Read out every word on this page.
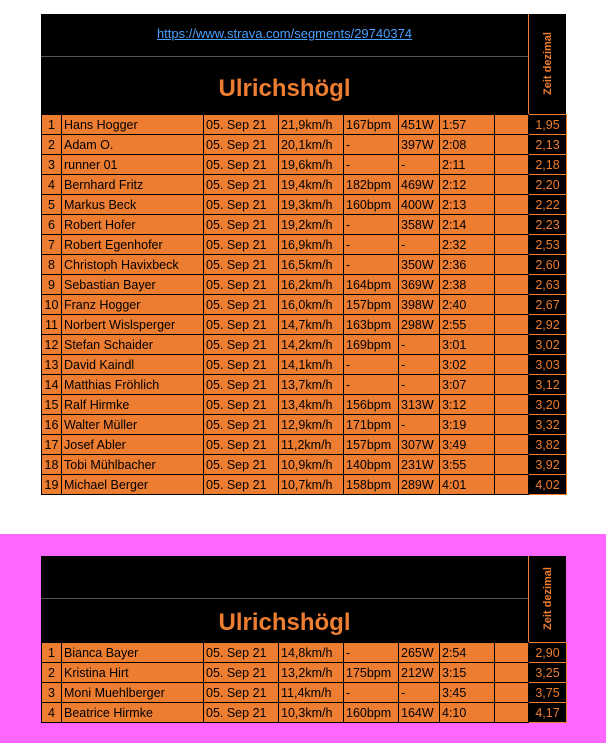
https://www.strava.com/segments/29740374
Ulrichshögl	Zeit dezimal
1	Hans Hogger	05. Sep 21	21,9km/h	167bpm	451W	1:57		1,95
2	Adam O.	05. Sep 21	20,1km/h	-	397W	2:08		2,13
3	runner 01	05. Sep 21	19,6km/h	-	-	2:11		2,18
4	Bernhard Fritz	05. Sep 21	19,4km/h	182bpm	469W	2:12		2,20
5	Markus Beck	05. Sep 21	19,3km/h	160bpm	400W	2:13		2,22
6	Robert Hofer	05. Sep 21	19,2km/h	-	358W	2:14		2,23
7	Robert Egenhofer	05. Sep 21	16,9km/h	-	-	2:32		2,53
8	Christoph Havixbeck	05. Sep 21	16,5km/h	-	350W	2:36		2,60
9	Sebastian Bayer	05. Sep 21	16,2km/h	164bpm	369W	2:38		2,63
10	Franz Hogger	05. Sep 21	16,0km/h	157bpm	398W	2:40		2,67
11	Norbert Wislsperger	05. Sep 21	14,7km/h	163bpm	298W	2:55		2,92
12	Stefan Schaider	05. Sep 21	14,2km/h	169bpm	-	3:01		3,02
13	David Kaindl	05. Sep 21	14,1km/h	-	-	3:02		3,03
14	Matthias Fröhlich	05. Sep 21	13,7km/h	-	-	3:07		3,12
15	Ralf Hirmke	05. Sep 21	13,4km/h	156bpm	313W	3:12		3,20
16	Walter Müller	05. Sep 21	12,9km/h	171bpm	-	3:19		3,32
17	Josef Abler	05. Sep 21	11,2km/h	157bpm	307W	3:49		3,82
18	Tobi Mühlbacher	05. Sep 21	10,9km/h	140bpm	231W	3:55		3,92
19	Michael Berger	05. Sep 21	10,7km/h	158bpm	289W	4:01		4,02
Ulrichshögl	Zeit dezimal
1	Bianca Bayer	05. Sep 21	14,8km/h	-	265W	2:54		2,90
2	Kristina Hirt	05. Sep 21	13,2km/h	175bpm	212W	3:15		3,25
3	Moni Muehlberger	05. Sep 21	11,4km/h	-	-	3:45		3,75
4	Beatrice Hirmke	05. Sep 21	10,3km/h	160bpm	164W	4:10		4,17
